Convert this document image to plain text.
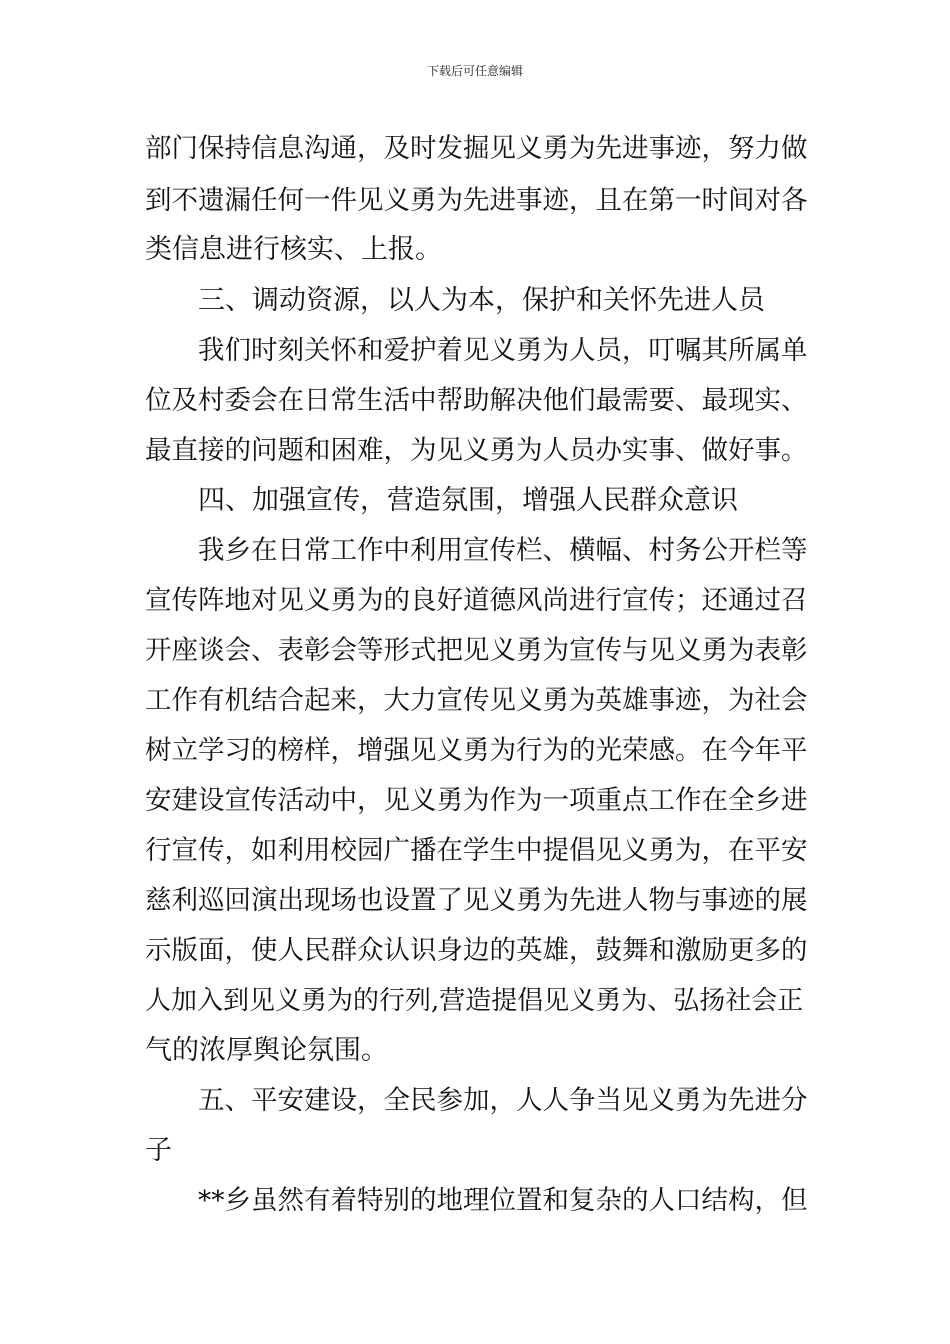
下载后可任意编辑
部门保持信息沟通，及时发掘见义勇为先进事迹，努力做
到不遗漏任何一件见义勇为先进事迹，且在第一时间对各
类信息进行核实、上报。
三、调动资源，以人为本，保护和关怀先进人员
我们时刻关怀和爱护着见义勇为人员，叮嘱其所属单
位及村委会在日常生活中帮助解决他们最需要、最现实、
最直接的问题和困难，为见义勇为人员办实事、做好事。
四、加强宣传，营造氛围，增强人民群众意识
我乡在日常工作中利用宣传栏、横幅、村务公开栏等
宣传阵地对见义勇为的良好道德风尚进行宣传；还通过召
开座谈会、表彰会等形式把见义勇为宣传与见义勇为表彰
工作有机结合起来，大力宣传见义勇为英雄事迹，为社会
树立学习的榜样，增强见义勇为行为的光荣感。在今年平
安建设宣传活动中，见义勇为作为一项重点工作在全乡进
行宣传，如利用校园广播在学生中提倡见义勇为，在平安
慈利巡回演出现场也设置了见义勇为先进人物与事迹的展
示版面，使人民群众认识身边的英雄，鼓舞和激励更多的
人加入到见义勇为的行列,营造提倡见义勇为、弘扬社会正
气的浓厚舆论氛围。
五、平安建设，全民参加，人人争当见义勇为先进分
子
**乡虽然有着特别的地理位置和复杂的人口结构，但
